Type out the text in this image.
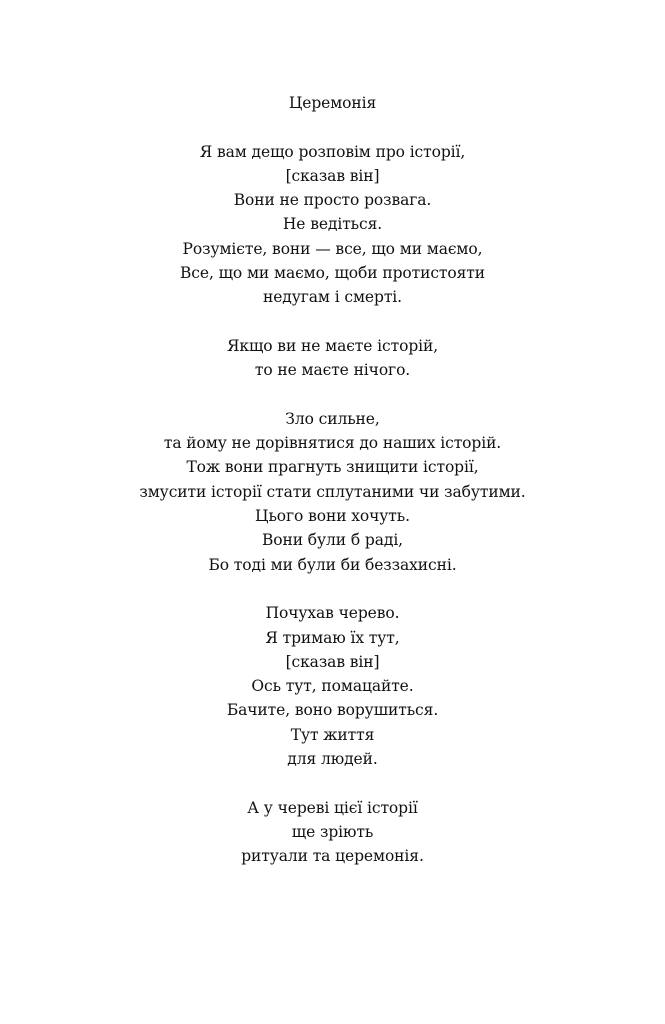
Церемонія
Я вам дещо розповім про історії,
[сказав він]
Вони не просто розвага.
Не ведіться.
Розумієте, вони — все, що ми маємо,
Все, що ми маємо, щоби протистояти
недугам і смерті.
Якщо ви не маєте історій,
то не маєте нічого.
Зло сильне,
та йому не дорівнятися до наших історій.
Тож вони прагнуть знищити історії,
змусити історії стати сплутаними чи забутими.
Цього вони хочуть.
Вони були б раді,
Бо тоді ми були би беззахисні.
Почухав черево.
Я тримаю їх тут,
[сказав він]
Ось тут, помацайте.
Бачите, воно ворушиться.
Тут життя
для людей.
А у череві цієї історії
ще зріють
ритуали та церемонія.
